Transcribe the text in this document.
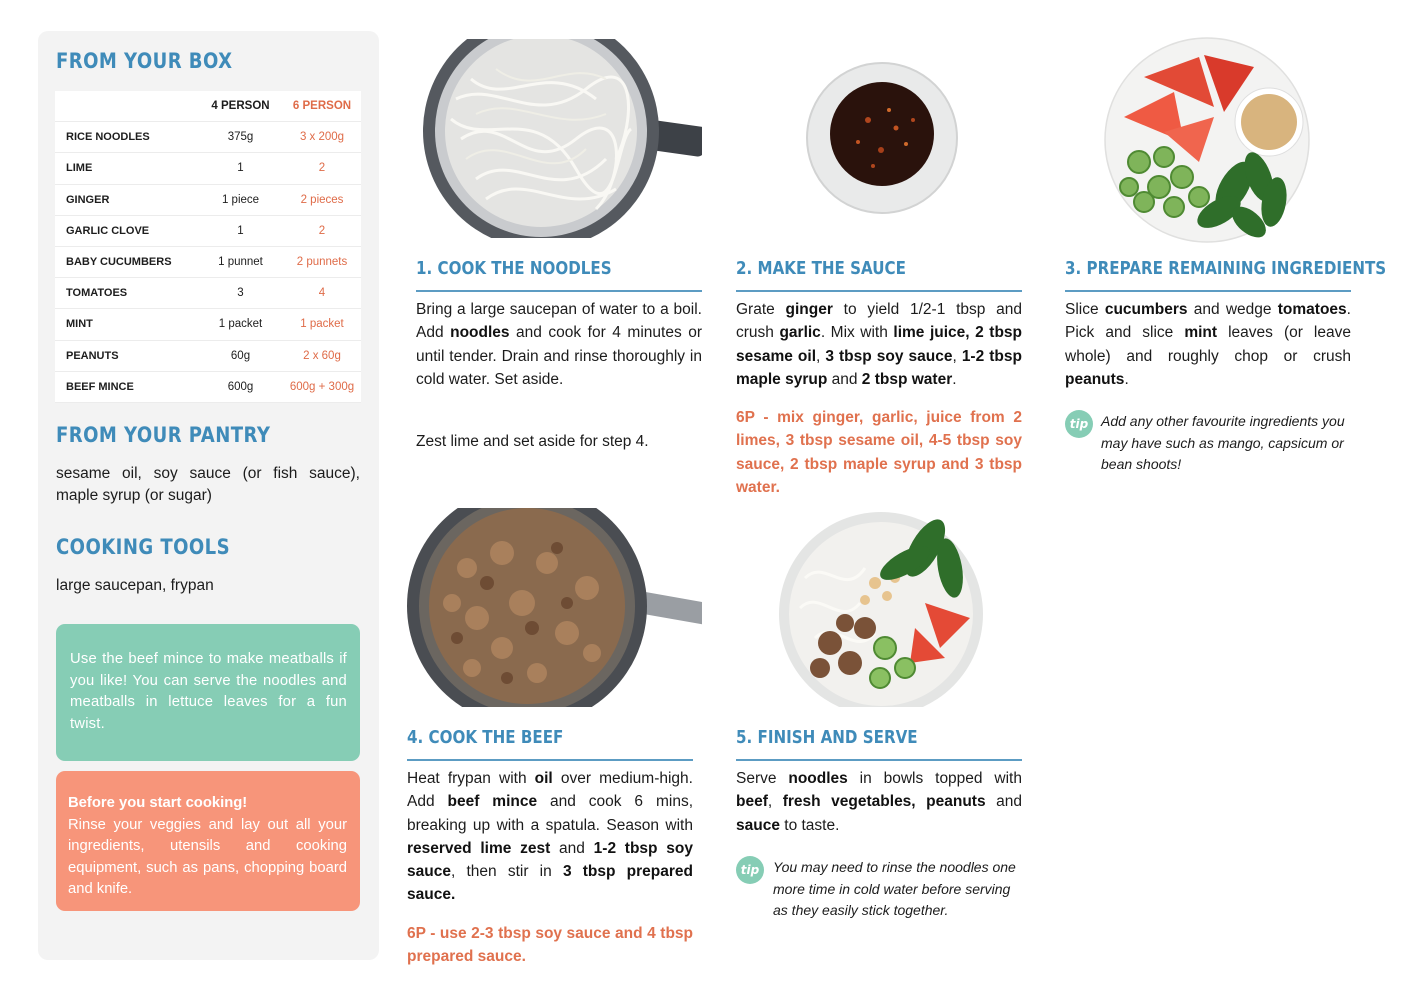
FROM YOUR BOX
	4 PERSON	6 PERSON
RICE NOODLES	375g	3 x 200g
LIME	1	2
GINGER	1 piece	2 pieces
GARLIC CLOVE	1	2
BABY CUCUMBERS	1 punnet	2 punnets
TOMATOES	3	4
MINT	1 packet	1 packet
PEANUTS	60g	2 x 60g
BEEF MINCE	600g	600g + 300g
FROM YOUR PANTRY
sesame oil, soy sauce (or fish sauce), maple syrup (or sugar)
COOKING TOOLS
large saucepan, frypan
Use the beef mince to make meatballs if you like! You can serve the noodles and meatballs in lettuce leaves for a fun twist.
Before you start cooking!
Rinse your veggies and lay out all your ingredients, utensils and cooking equipment, such as pans, chopping board and knife.
1. COOK THE NOODLES

Bring a large saucepan of water to a boil. Add noodles and cook for 4 minutes or until tender. Drain and rinse thoroughly in cold water. Set aside.

Zest lime and set aside for step 4.

2. MAKE THE SAUCE

Grate ginger to yield 1/2-1 tbsp and crush garlic. Mix with lime juice, 2 tbsp sesame oil, 3 tbsp soy sauce, 1-2 tbsp maple syrup and 2 tbsp water.

6P - mix ginger, garlic, juice from 2 limes, 3 tbsp sesame oil, 4-5 tbsp soy sauce, 2 tbsp maple syrup and 3 tbsp water.

3. PREPARE REMAINING INGREDIENTS

Slice cucumbers and wedge tomatoes. Pick and slice mint leaves (or leave whole) and roughly chop or crush peanuts.

tip Add any other favourite ingredients you may have such as mango, capsicum or bean shoots!

4. COOK THE BEEF

Heat frypan with oil over medium-high. Add beef mince and cook 6 mins, breaking up with a spatula. Season with reserved lime zest and 1-2 tbsp soy sauce, then stir in 3 tbsp prepared sauce.

6P - use 2-3 tbsp soy sauce and 4 tbsp prepared sauce.

5. FINISH AND SERVE

Serve noodles in bowls topped with beef, fresh vegetables, peanuts and sauce to taste.

tip You may need to rinse the noodles one more time in cold water before serving as they easily stick together.
